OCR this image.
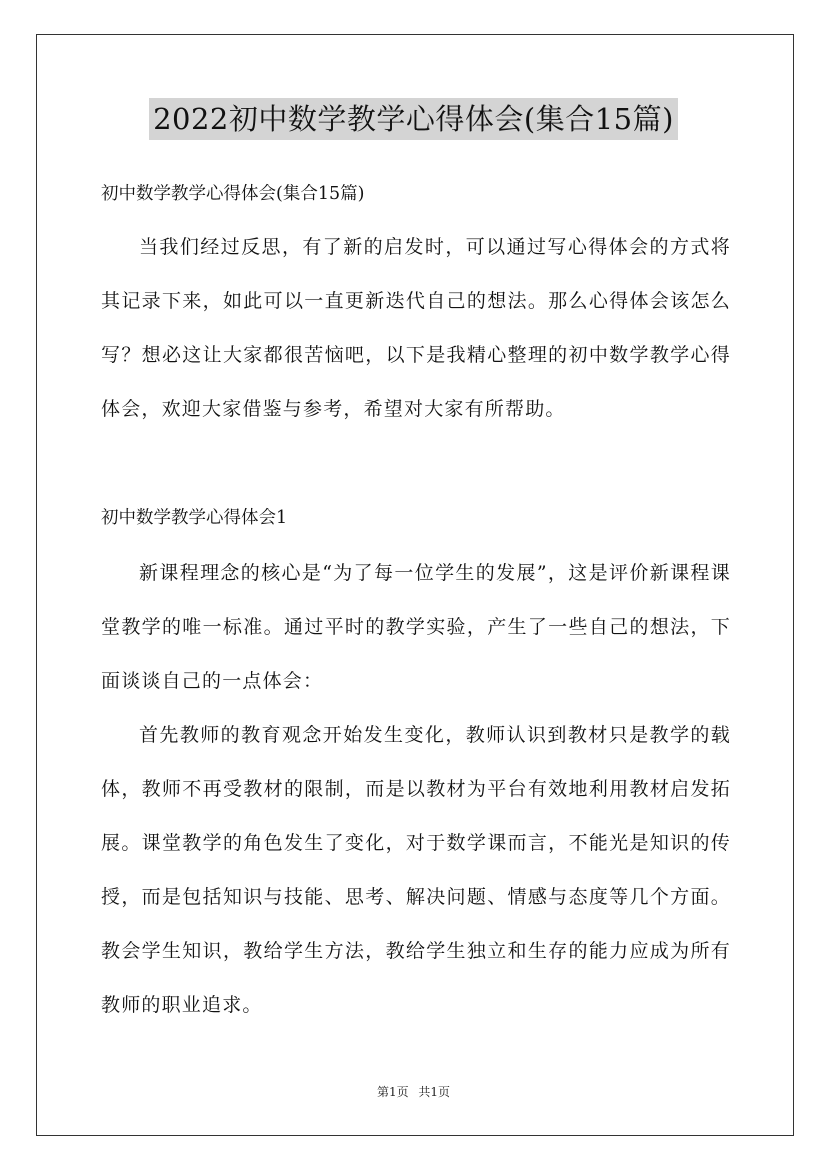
2022初中数学教学心得体会(集合15篇)

初中数学教学心得体会(集合15篇)

当我们经过反思，有了新的启发时，可以通过写心得体会的方式将其记录下来，如此可以一直更新迭代自己的想法。那么心得体会该怎么写？想必这让大家都很苦恼吧，以下是我精心整理的初中数学教学心得体会，欢迎大家借鉴与参考，希望对大家有所帮助。

初中数学教学心得体会1

新课程理念的核心是“为了每一位学生的发展”，这是评价新课程课堂教学的唯一标准。通过平时的教学实验，产生了一些自己的想法，下面谈谈自己的一点体会：

首先教师的教育观念开始发生变化，教师认识到教材只是教学的载体，教师不再受教材的限制，而是以教材为平台有效地利用教材启发拓展。课堂教学的角色发生了变化，对于数学课而言，不能光是知识的传授，而是包括知识与技能、思考、解决问题、情感与态度等几个方面。教会学生知识，教给学生方法，教给学生独立和生存的能力应成为所有教师的职业追求。

第1页 共1页
